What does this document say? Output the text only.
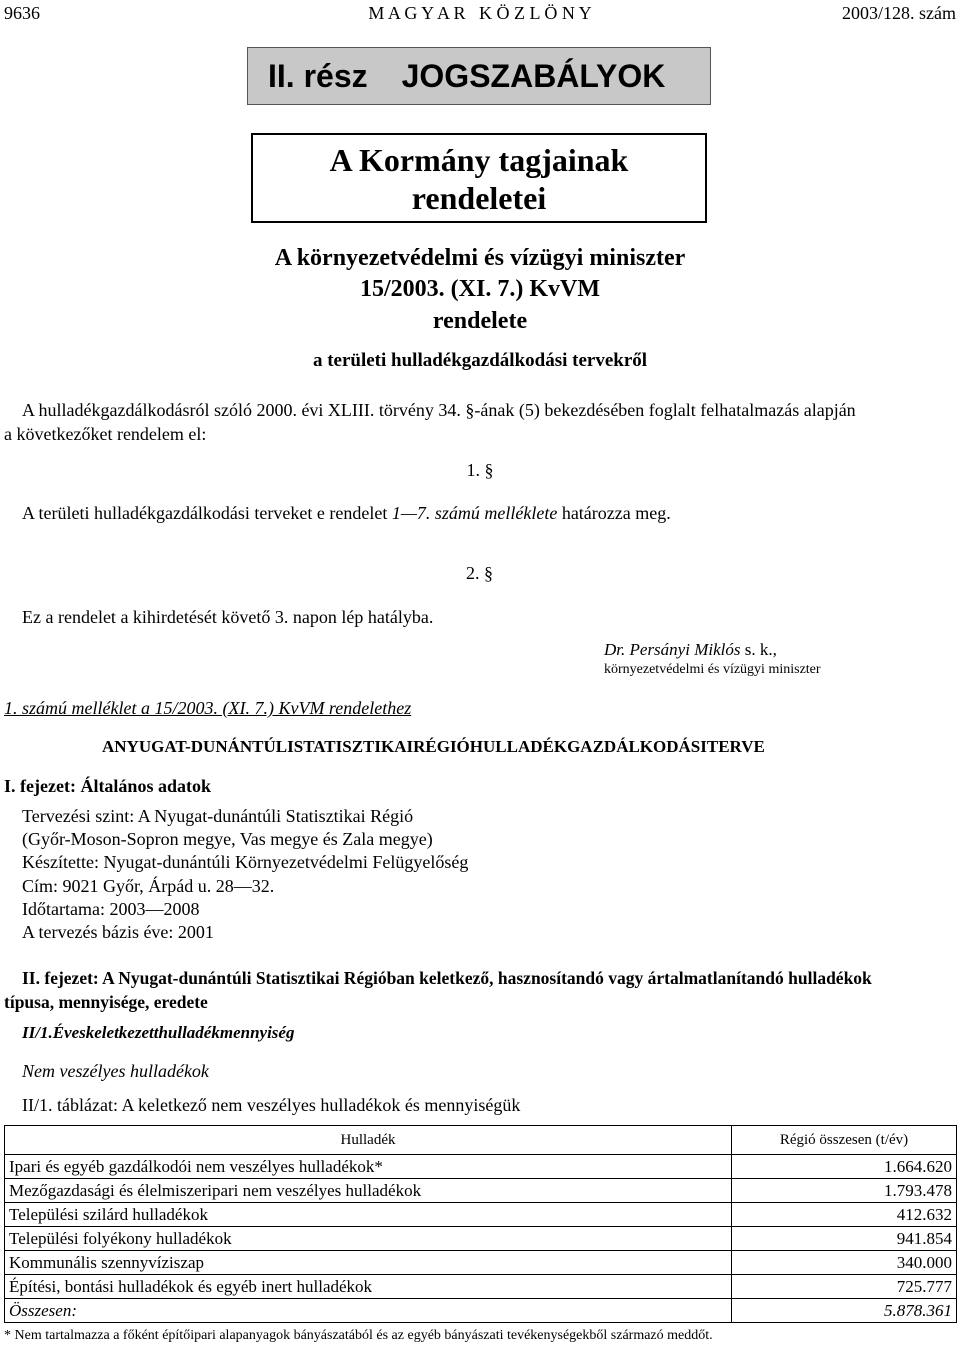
9636	M A G Y A R   K Ö Z L Ö N Y	2003/128. szám
II. rész JOGSZABÁLYOK
A Kormány tagjainak
rendeletei
A környezetvédelmi és vízügyi miniszter
15/2003. (XI. 7.) KvVM
rendelete
a területi hulladékgazdálkodási tervekről
A hulladékgazdálkodásról szóló 2000. évi XLIII. törvény 34. §-ának (5) bekezdésében foglalt felhatalmazás alapján
a következőket rendelem el:
1. §
A területi hulladékgazdálkodási terveket e rendelet 1—7. számú melléklete határozza meg.
2. §
Ez a rendelet a kihirdetését követő 3. napon lép hatályba.
Dr. Persányi Miklós s. k.,
környezetvédelmi és vízügyi miniszter
1. számú melléklet a 15/2003. (XI. 7.) KvVM rendelethez
ANYUGAT-DUNÁNTÚLISTATISZTIKAIRÉGIÓHULLADÉKGAZDÁLKODÁSITERVE
I. fejezet: Általános adatok
Tervezési szint: A Nyugat-dunántúli Statisztikai Régió
(Győr-Moson-Sopron megye, Vas megye és Zala megye)
Készítette: Nyugat-dunántúli Környezetvédelmi Felügyelőség
Cím: 9021 Győr, Árpád u. 28—32.
Időtartama: 2003—2008
A tervezés bázis éve: 2001
II. fejezet: A Nyugat-dunántúli Statisztikai Régióban keletkező, hasznosítandó vagy ártalmatlanítandó hulladékok
típusa, mennyisége, eredete
II/1.Éveskeletkezetthulladékmennyiség
Nem veszélyes hulladékok
II/1. táblázat: A keletkező nem veszélyes hulladékok és mennyiségük
Hulladék	Régió összesen (t/év)
Ipari és egyéb gazdálkodói nem veszélyes hulladékok*	1.664.620
Mezőgazdasági és élelmiszeripari nem veszélyes hulladékok	1.793.478
Települési szilárd hulladékok	412.632
Települési folyékony hulladékok	941.854
Kommunális szennyvíziszap	340.000
Építési, bontási hulladékok és egyéb inert hulladékok	725.777
Összesen:	5.878.361
* Nem tartalmazza a főként építőipari alapanyagok bányászatából és az egyéb bányászati tevékenységekből származó meddőt.
